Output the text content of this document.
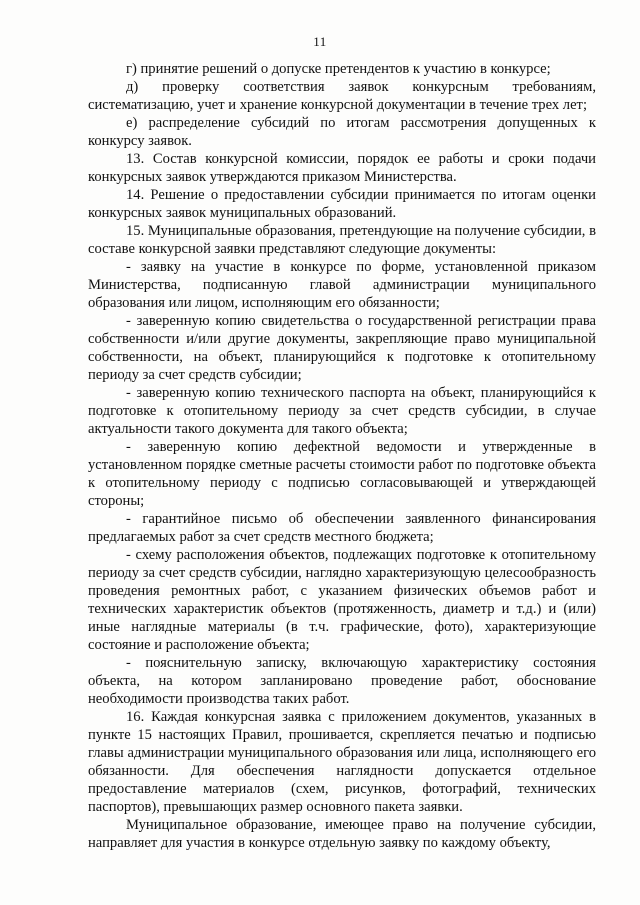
11

г) принятие решений о допуске претендентов к участию в конкурсе;

д) проверку соответствия заявок конкурсным требованиям, систематизацию, учет и хранение конкурсной документации в течение трех лет;

е) распределение субсидий по итогам рассмотрения допущенных к конкурсу заявок.

13. Состав конкурсной комиссии, порядок ее работы и сроки подачи конкурсных заявок утверждаются приказом Министерства.

14. Решение о предоставлении субсидии принимается по итогам оценки конкурсных заявок муниципальных образований.

15. Муниципальные образования, претендующие на получение субсидии, в составе конкурсной заявки представляют следующие документы:

- заявку на участие в конкурсе по форме, установленной приказом Министерства, подписанную главой администрации муниципального образования или лицом, исполняющим его обязанности;

- заверенную копию свидетельства о государственной регистрации права собственности и/или другие документы, закрепляющие право муниципальной собственности, на объект, планирующийся к подготовке к отопительному периоду за счет средств субсидии;

- заверенную копию технического паспорта на объект, планирующийся к подготовке к отопительному периоду за счет средств субсидии, в случае актуальности такого документа для такого объекта;

- заверенную копию дефектной ведомости и утвержденные в установленном порядке сметные расчеты стоимости работ по подготовке объекта к отопительному периоду с подписью согласовывающей и утверждающей стороны;

- гарантийное письмо об обеспечении заявленного финансирования предлагаемых работ за счет средств местного бюджета;

- схему расположения объектов, подлежащих подготовке к отопительному периоду за счет средств субсидии, наглядно характеризующую целесообразность проведения ремонтных работ, с указанием физических объемов работ и технических характеристик объектов (протяженность, диаметр и т.д.) и (или) иные наглядные материалы (в т.ч. графические, фото), характеризующие состояние и расположение объекта;

- пояснительную записку, включающую характеристику состояния объекта, на котором запланировано проведение работ, обоснование необходимости производства таких работ.

16. Каждая конкурсная заявка с приложением документов, указанных в пункте 15 настоящих Правил, прошивается, скрепляется печатью и подписью главы администрации муниципального образования или лица, исполняющего его обязанности. Для обеспечения наглядности допускается отдельное предоставление материалов (схем, рисунков, фотографий, технических паспортов), превышающих размер основного пакета заявки.

Муниципальное образование, имеющее право на получение субсидии, направляет для участия в конкурсе отдельную заявку по каждому объекту,
